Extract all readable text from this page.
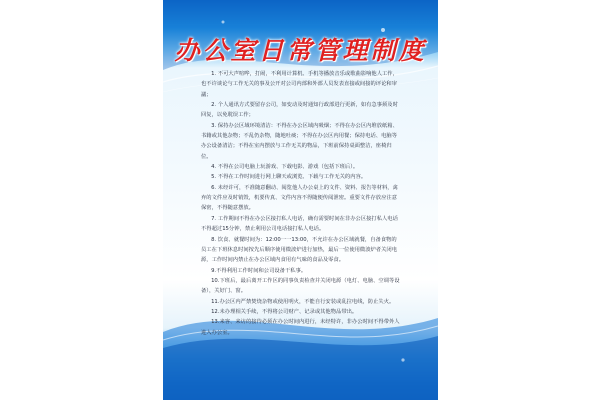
办公室日常管理制度

1. 不可大声喧哗，打闹，不利用计算机、手机等播放音乐或歌曲影响他人工作，也不许谈论与工作无关的事及公开对公司内部和外部人员发表直接或间接的评论和审議；

2. 个人通讯方式要留存公司，如变动及时通知行政部进行更新，如有急事须及时回复，以免耽误工作；

3. 保持办公区域环境清洁：不得在办公区域内吸烟；不得在办公区内堆放纸箱、书籍或其他杂物；不乱仍杂物，随地吐痰；不得在办公区内用餐；保持电话、电脑等办公设备清洁；不得在室内摆放与工作无关的物品，下班前保持桌面整洁，座椅归位。

4. 不得在公司电脑上玩游戏、下载电影、游戏（包括下班后）。

5. 不得在工作时间进行网上聊天或浏览、下载与工作无关的内容。

6. 未经许可，不准随意翻动、阅览他人办公桌上的文件、资料、报告等材料，禽弃的文件应及时销毁，机要传真、文件内容不得随便传阅泄密。重要文件存放应注意保密，不得随意摆放。

7. 工作期间不得在办公区接打私人电话，确有需要时间在非办公区接打私人电话不得超过15分钟，禁止利用公司电话接打私人电话。

8. 饮食、就餐时间为：12:00一一13:00，不允许在办公区域就餐，自备食物的员工在下班休息时间按先后顺序使用微波炉进行加热，最后一位使用微波炉者关闭电源，工作时间内禁止在办公区域内食用有气味的食品及零食。

9.不得利用工作时间和公司设备干私事。

10.下班后，最后离开工作区的同事负责检查并关闭电源（电灯、电脑、空调等设备），关好门、窗。

11.办公区内严禁焚烧杂物或使用明火，不能自行安装或乱拉电线，防止失火。

12.未办理相关手续，不得将公司财产、记录或其他物品带出。

13.来客、来访的接待必须在办公时间内进行，未经特许，非办公时间不得带外人进入办公室。
